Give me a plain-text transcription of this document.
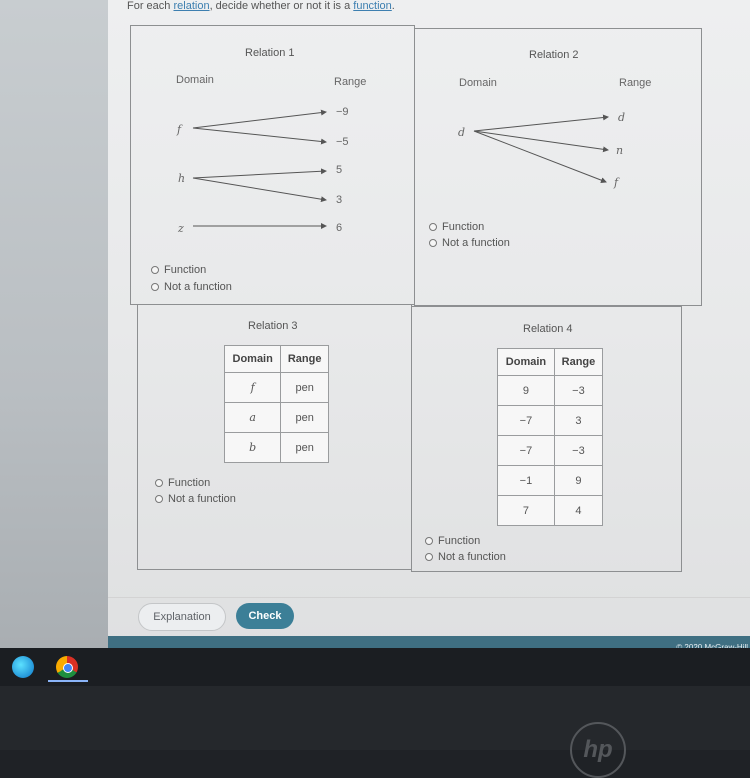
For each relation, decide whether or not it is a function.
Relation 1
Domain	Range
f
h
z
−9
−5
5
3
6
Function
Not a function
Relation 2
Domain	Range
d
d
n
f
Function
Not a function
Relation 3
Domain	Range
f	pen
a	pen
b	pen
Function
Not a function
Relation 4
Domain	Range
9	−3
−7	3
−7	−3
−1	9
7	4
Function
Not a function
Explanation	Check
hp
